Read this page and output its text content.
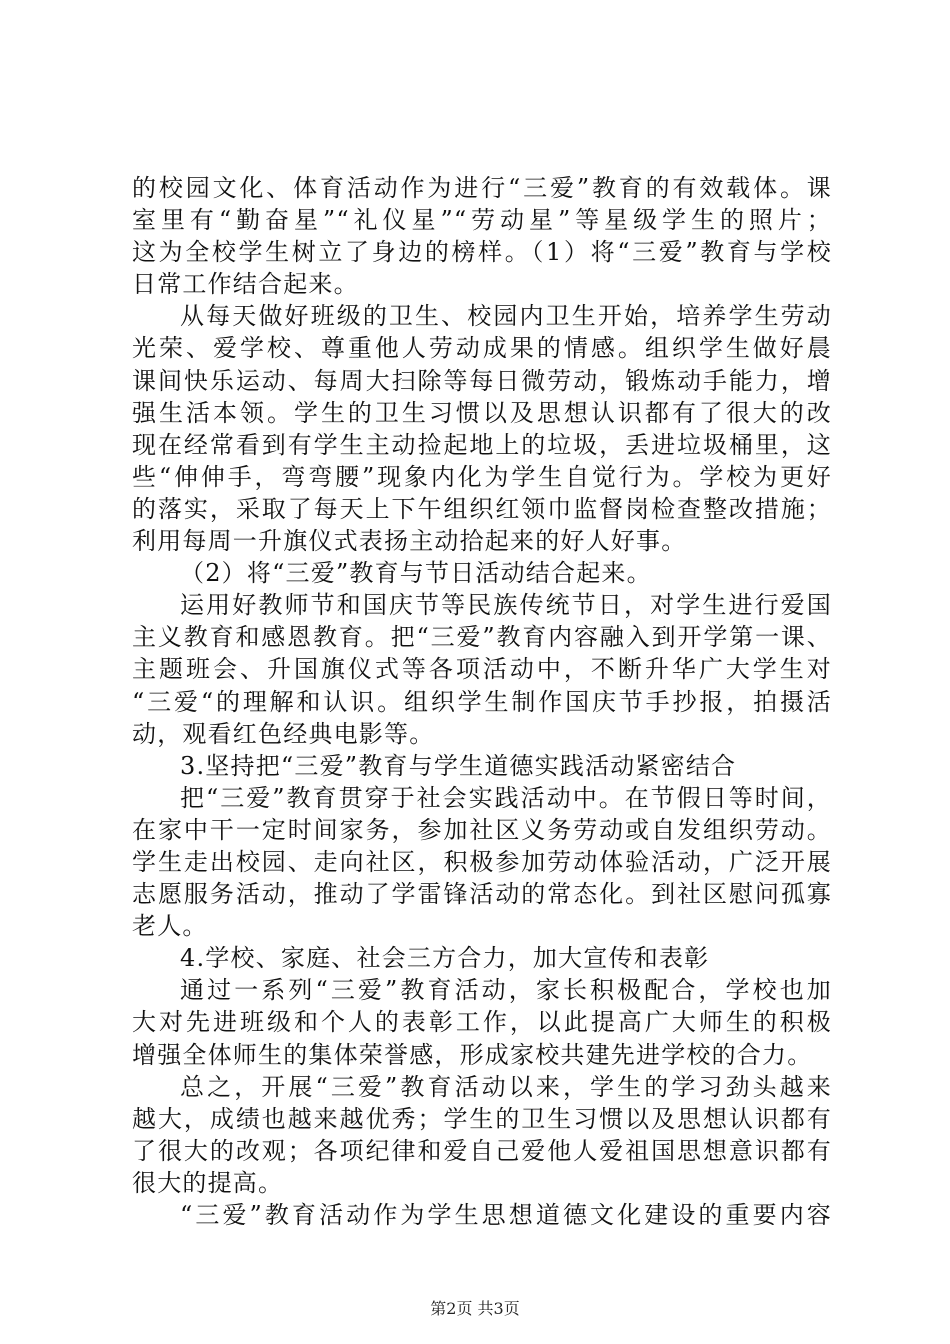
的校园文化、体育活动作为进行“三爱”教育的有效载体。课
室里有“勤奋星”“礼仪星”“劳动星”等星级学生的照片；
这为全校学生树立了身边的榜样。（1）将“三爱”教育与学校
日常工作结合起来。
从每天做好班级的卫生、校园内卫生开始，培养学生劳动
光荣、爱学校、尊重他人劳动成果的情感。组织学生做好晨
课间快乐运动、每周大扫除等每日微劳动，锻炼动手能力，增
强生活本领。学生的卫生习惯以及思想认识都有了很大的改
现在经常看到有学生主动捡起地上的垃圾，丢进垃圾桶里，这
些“伸伸手，弯弯腰”现象内化为学生自觉行为。学校为更好
的落实，采取了每天上下午组织红领巾监督岗检查整改措施；
利用每周一升旗仪式表扬主动拾起来的好人好事。
（2）将“三爱”教育与节日活动结合起来。
运用好教师节和国庆节等民族传统节日，对学生进行爱国
主义教育和感恩教育。把“三爱”教育内容融入到开学第一课、
主题班会、升国旗仪式等各项活动中，不断升华广大学生对
“三爱“的理解和认识。组织学生制作国庆节手抄报，拍摄活
动，观看红色经典电影等。
3.坚持把“三爱”教育与学生道德实践活动紧密结合
把“三爱”教育贯穿于社会实践活动中。在节假日等时间，
在家中干一定时间家务，参加社区义务劳动或自发组织劳动。
学生走出校园、走向社区，积极参加劳动体验活动，广泛开展
志愿服务活动，推动了学雷锋活动的常态化。到社区慰问孤寡
老人。
4.学校、家庭、社会三方合力，加大宣传和表彰
通过一系列“三爱”教育活动，家长积极配合，学校也加
大对先进班级和个人的表彰工作，以此提高广大师生的积极
增强全体师生的集体荣誉感，形成家校共建先进学校的合力。
总之，开展“三爱”教育活动以来，学生的学习劲头越来
越大，成绩也越来越优秀；学生的卫生习惯以及思想认识都有
了很大的改观；各项纪律和爱自己爱他人爱祖国思想意识都有
很大的提高。
“三爱”教育活动作为学生思想道德文化建设的重要内容
第2页 共3页
